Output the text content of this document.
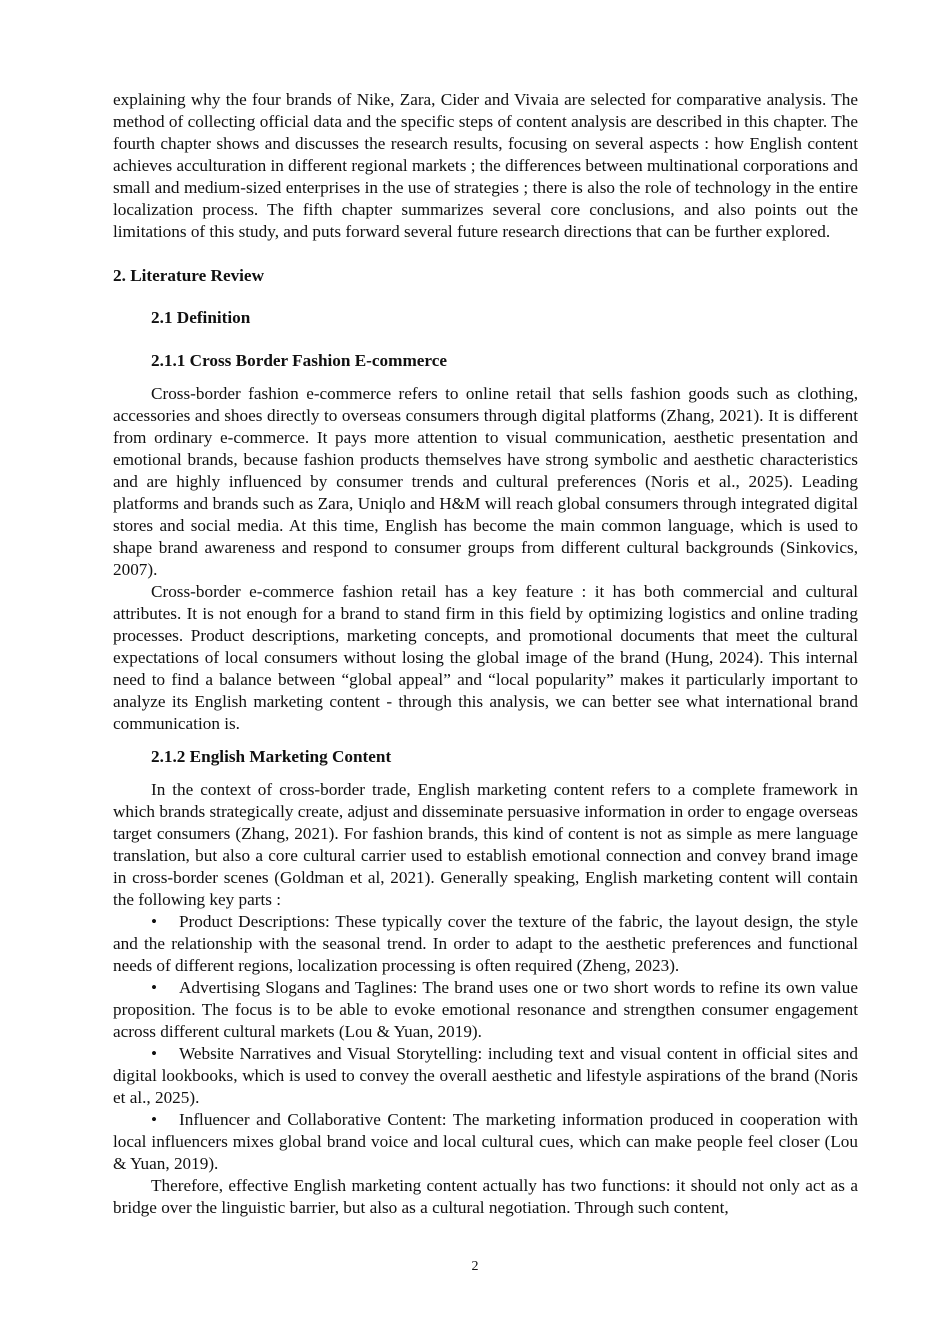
explaining why the four brands of Nike, Zara, Cider and Vivaia are selected for comparative analysis. The method of collecting official data and the specific steps of content analysis are described in this chapter. The fourth chapter shows and discusses the research results, focusing on several aspects : how English content achieves acculturation in different regional markets ; the differences between multinational corporations and small and medium-sized enterprises in the use of strategies ; there is also the role of technology in the entire localization process. The fifth chapter summarizes several core conclusions, and also points out the limitations of this study, and puts forward several future research directions that can be further explored.

2. Literature Review

2.1 Definition

2.1.1 Cross Border Fashion E-commerce

Cross-border fashion e-commerce refers to online retail that sells fashion goods such as clothing, accessories and shoes directly to overseas consumers through digital platforms (Zhang, 2021). It is different from ordinary e-commerce. It pays more attention to visual communication, aesthetic presentation and emotional brands, because fashion products themselves have strong symbolic and aesthetic characteristics and are highly influenced by consumer trends and cultural preferences (Noris et al., 2025). Leading platforms and brands such as Zara, Uniqlo and H&M will reach global consumers through integrated digital stores and social media. At this time, English has become the main common language, which is used to shape brand awareness and respond to consumer groups from different cultural backgrounds (Sinkovics, 2007).

Cross-border e-commerce fashion retail has a key feature : it has both commercial and cultural attributes. It is not enough for a brand to stand firm in this field by optimizing logistics and online trading processes. Product descriptions, marketing concepts, and promotional documents that meet the cultural expectations of local consumers without losing the global image of the brand (Hung, 2024). This internal need to find a balance between “global appeal” and “local popularity” makes it particularly important to analyze its English marketing content - through this analysis, we can better see what international brand communication is.

2.1.2 English Marketing Content

In the context of cross-border trade, English marketing content refers to a complete framework in which brands strategically create, adjust and disseminate persuasive information in order to engage overseas target consumers (Zhang, 2021). For fashion brands, this kind of content is not as simple as mere language translation, but also a core cultural carrier used to establish emotional connection and convey brand image in cross-border scenes (Goldman et al, 2021). Generally speaking, English marketing content will contain the following key parts :

• Product Descriptions: These typically cover the texture of the fabric, the layout design, the style and the relationship with the seasonal trend. In order to adapt to the aesthetic preferences and functional needs of different regions, localization processing is often required (Zheng, 2023).

• Advertising Slogans and Taglines: The brand uses one or two short words to refine its own value proposition. The focus is to be able to evoke emotional resonance and strengthen consumer engagement across different cultural markets (Lou & Yuan, 2019).

• Website Narratives and Visual Storytelling: including text and visual content in official sites and digital lookbooks, which is used to convey the overall aesthetic and lifestyle aspirations of the brand (Noris et al., 2025).

• Influencer and Collaborative Content: The marketing information produced in cooperation with local influencers mixes global brand voice and local cultural cues, which can make people feel closer (Lou & Yuan, 2019).

Therefore, effective English marketing content actually has two functions: it should not only act as a bridge over the linguistic barrier, but also as a cultural negotiation. Through such content,

2
